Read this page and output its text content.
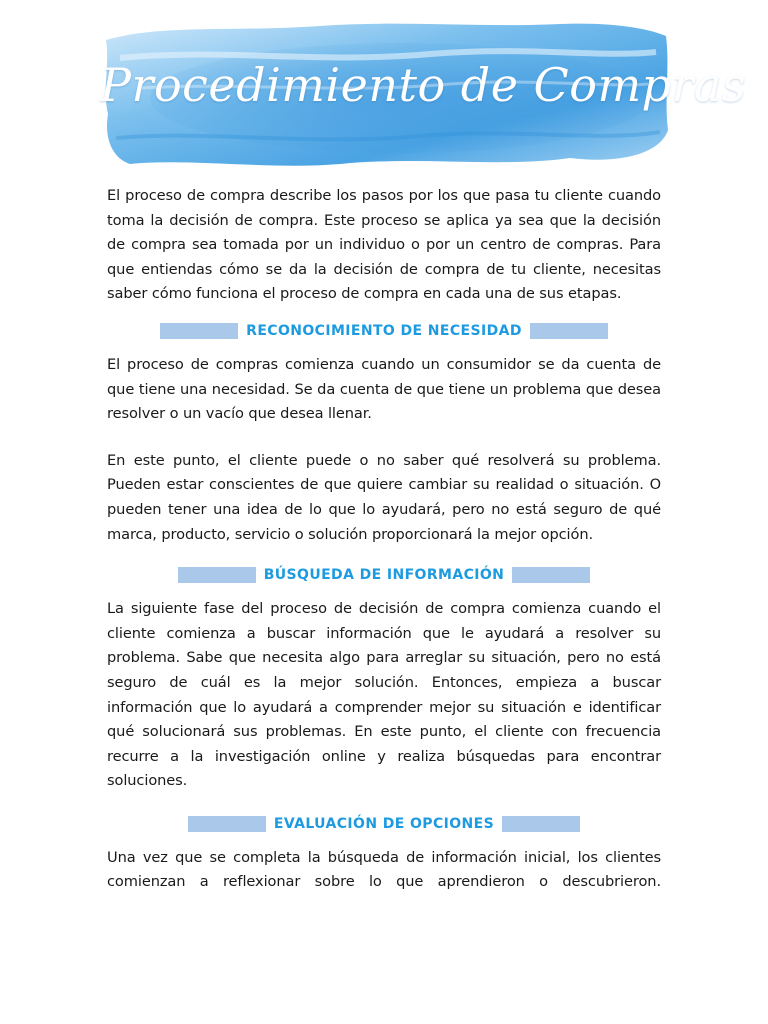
Procedimiento de Compras

El proceso de compra describe los pasos por los que pasa tu cliente cuando toma la decisión de compra. Este proceso se aplica ya sea que la decisión de compra sea tomada por un individuo o por un centro de compras. Para que entiendas cómo se da la decisión de compra de tu cliente, necesitas saber cómo funciona el proceso de compra en cada una de sus etapas.

RECONOCIMIENTO DE NECESIDAD

El proceso de compras comienza cuando un consumidor se da cuenta de que tiene una necesidad. Se da cuenta de que tiene un problema que desea resolver o un vacío que desea llenar.

En este punto, el cliente puede o no saber qué resolverá su problema. Pueden estar conscientes de que quiere cambiar su realidad o situación. O pueden tener una idea de lo que lo ayudará, pero no está seguro de qué marca, producto, servicio o solución proporcionará la mejor opción.

BÚSQUEDA DE INFORMACIÓN

La siguiente fase del proceso de decisión de compra comienza cuando el cliente comienza a buscar información que le ayudará a resolver su problema. Sabe que necesita algo para arreglar su situación, pero no está seguro de cuál es la mejor solución. Entonces, empieza a buscar información que lo ayudará a comprender mejor su situación e identificar qué solucionará sus problemas. En este punto, el cliente con frecuencia recurre a la investigación online y realiza búsquedas para encontrar soluciones.

EVALUACIÓN DE OPCIONES

Una vez que se completa la búsqueda de información inicial, los clientes comienzan a reflexionar sobre lo que aprendieron o descubrieron.
